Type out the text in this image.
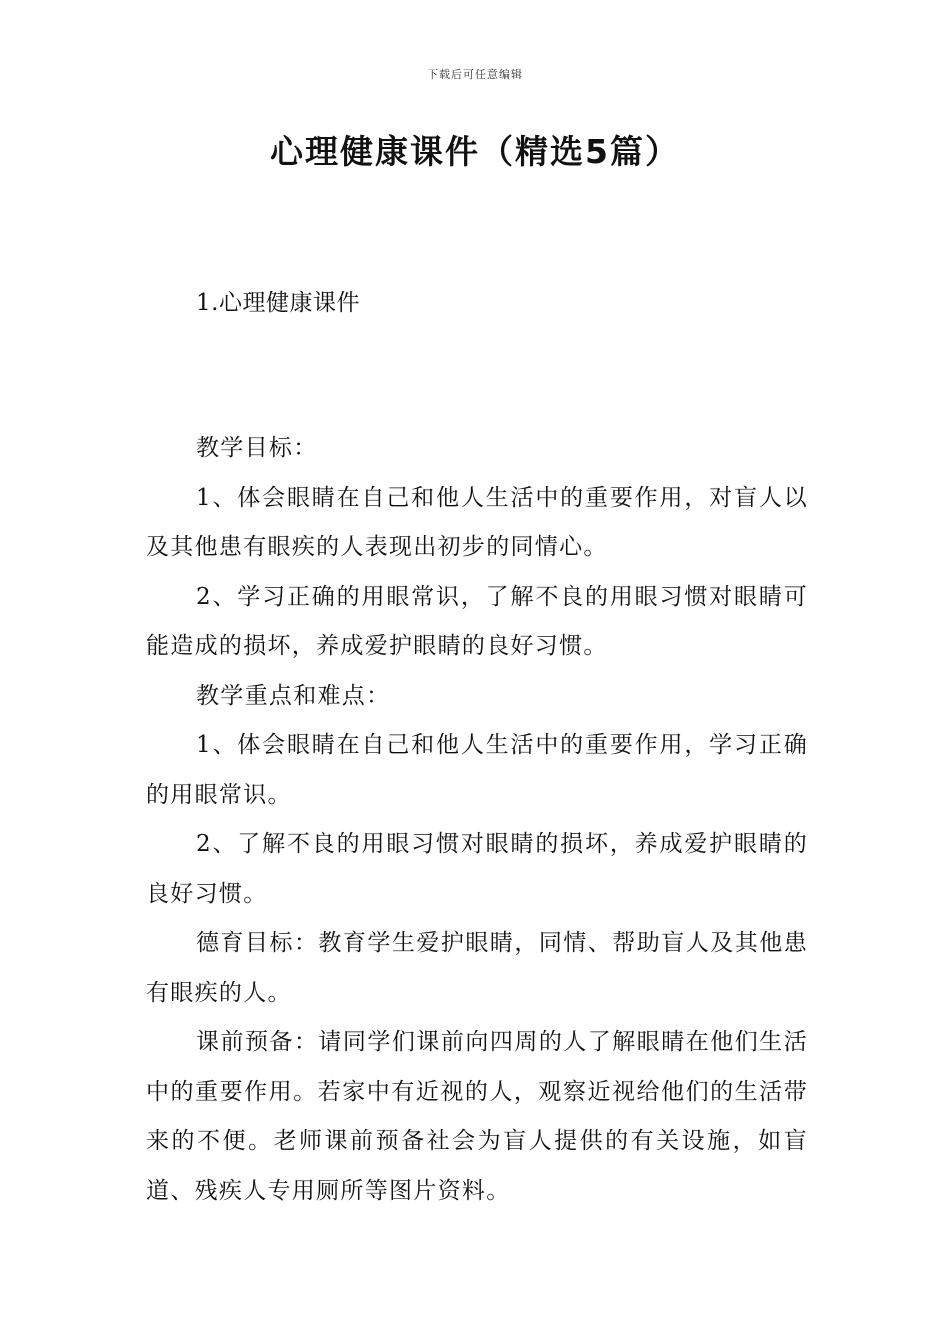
下载后可任意编辑
心理健康课件（精选5篇）
1.心理健康课件

教学目标：

1、体会眼睛在自己和他人生活中的重要作用，对盲人以及其他患有眼疾的人表现出初步的同情心。

2、学习正确的用眼常识，了解不良的用眼习惯对眼睛可能造成的损坏，养成爱护眼睛的良好习惯。

教学重点和难点：

1、体会眼睛在自己和他人生活中的重要作用，学习正确的用眼常识。

2、了解不良的用眼习惯对眼睛的损坏，养成爱护眼睛的良好习惯。

德育目标：教育学生爱护眼睛，同情、帮助盲人及其他患有眼疾的人。

课前预备：请同学们课前向四周的人了解眼睛在他们生活中的重要作用。若家中有近视的人，观察近视给他们的生活带来的不便。老师课前预备社会为盲人提供的有关设施，如盲道、残疾人专用厕所等图片资料。
